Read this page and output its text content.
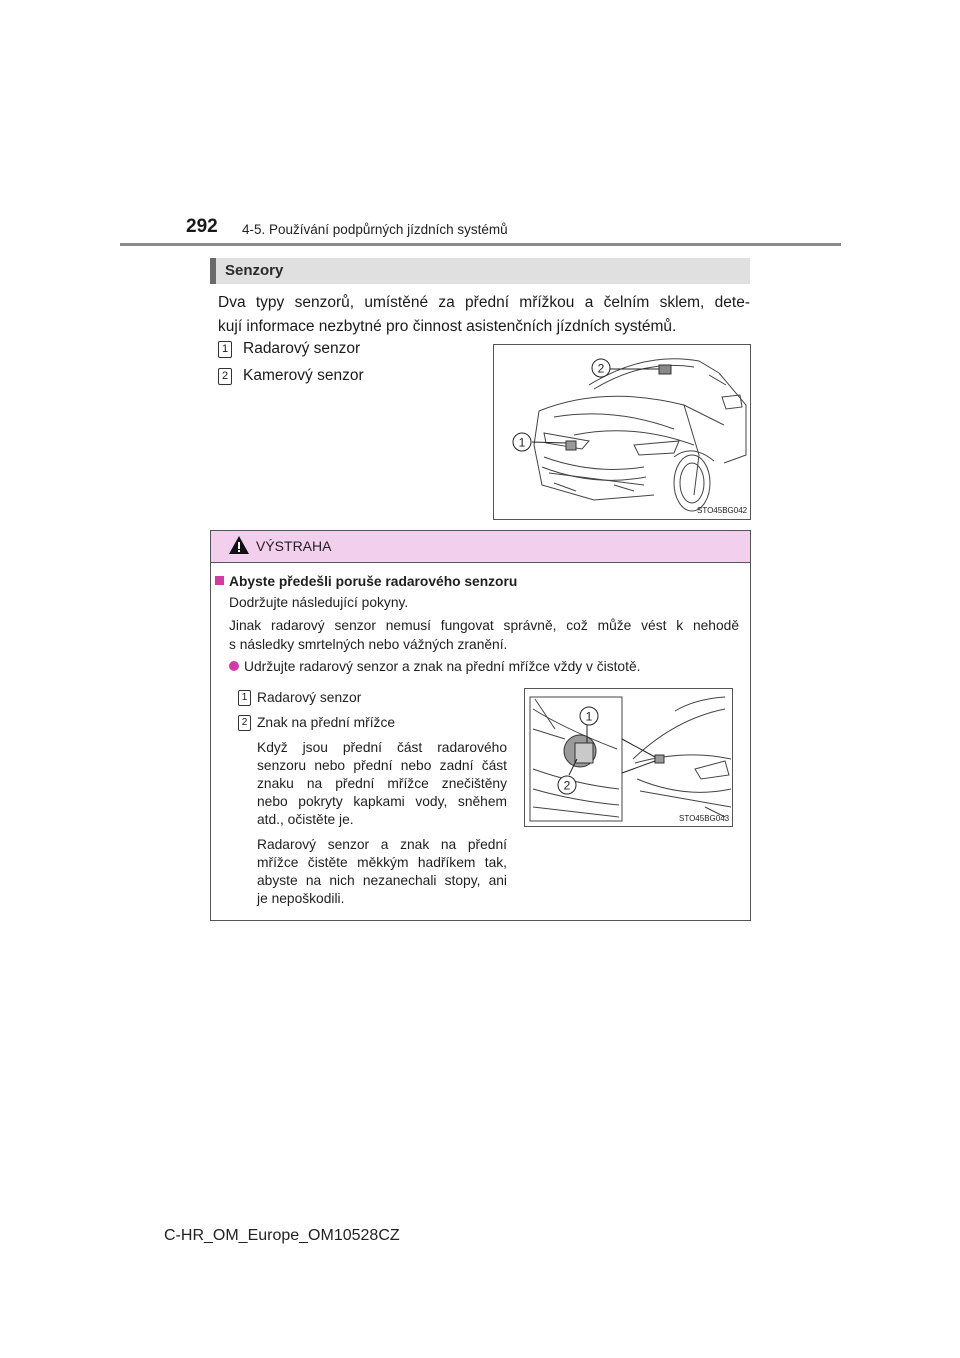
292 4-5. Používání podpůrných jízdních systémů
Senzory
Dva typy senzorů, umístěné za přední mřížkou a čelním sklem, dete-
kují informace nezbytné pro činnost asistenčních jízdních systémů.
1 Radarový senzor
2 Kamerový senzor	2
1
STO45BG042
VÝSTRAHA
Abyste předešli poruše radarového senzoru
Dodržujte následující pokyny.
Jinak radarový senzor nemusí fungovat správně, což může vést k nehodě
s následky smrtelných nebo vážných zranění.
Udržujte radarový senzor a znak na přední mřížce vždy v čistotě.
1 Radarový senzor
2 Znak na přední mřížce
Když jsou přední část radarového
senzoru nebo přední nebo zadní část
znaku na přední mřížce znečištěny
nebo pokryty kapkami vody, sněhem
atd., očistěte je.
Radarový senzor a znak na přední
mřížce čistěte měkkým hadříkem tak,
abyste na nich nezanechali stopy, ani
je nepoškodili.
1
2
STO45BG043
C-HR_OM_Europe_OM10528CZ
